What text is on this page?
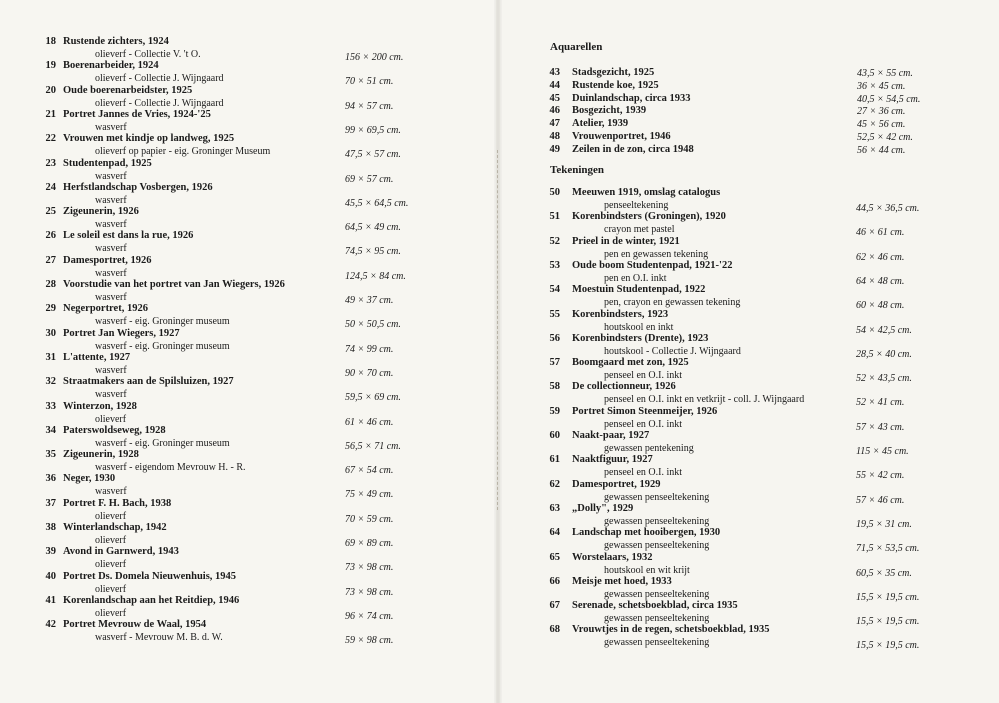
18 Rustende zichters, 1924
olieverf - Collectie V. 't O.	156 × 200 cm.
19 Boerenarbeider, 1924
olieverf - Collectie J. Wijngaard	70 × 51 cm.
20 Oude boerenarbeidster, 1925
olieverf - Collectie J. Wijngaard	94 × 57 cm.
21 Portret Jannes de Vries, 1924-'25
wasverf	99 × 69,5 cm.
22 Vrouwen met kindje op landweg, 1925
olieverf op papier - eig. Groninger Museum	47,5 × 57 cm.
23 Studentenpad, 1925
wasverf	69 × 57 cm.
24 Herfstlandschap Vosbergen, 1926
wasverf	45,5 × 64,5 cm.
25 Zigeunerin, 1926
wasverf	64,5 × 49 cm.
26 Le soleil est dans la rue, 1926
wasverf	74,5 × 95 cm.
27 Damesportret, 1926
wasverf	124,5 × 84 cm.
28 Voorstudie van het portret van Jan Wiegers, 1926
wasverf	49 × 37 cm.
29 Negerportret, 1926
wasverf - eig. Groninger museum	50 × 50,5 cm.
30 Portret Jan Wiegers, 1927
wasverf - eig. Groninger museum	74 × 99 cm.
31 L'attente, 1927
wasverf	90 × 70 cm.
32 Straatmakers aan de Spilsluizen, 1927
wasverf	59,5 × 69 cm.
33 Winterzon, 1928
olieverf	61 × 46 cm.
34 Paterswoldseweg, 1928
wasverf - eig. Groninger museum	56,5 × 71 cm.
35 Zigeunerin, 1928
wasverf - eigendom Mevrouw H. - R.	67 × 54 cm.
36 Neger, 1930
wasverf	75 × 49 cm.
37 Portret F. H. Bach, 1938
olieverf	70 × 59 cm.
38 Winterlandschap, 1942
olieverf	69 × 89 cm.
39 Avond in Garnwerd, 1943
olieverf	73 × 98 cm.
40 Portret Ds. Domela Nieuwenhuis, 1945
olieverf	73 × 98 cm.
41 Korenlandschap aan het Reitdiep, 1946
olieverf	96 × 74 cm.
42 Portret Mevrouw de Waal, 1954
wasverf - Mevrouw M. B. d. W.	59 × 98 cm.
Aquarellen
Tekeningen
43 Stadsgezicht, 1925	43,5 × 55 cm.
44 Rustende koe, 1925	36 × 45 cm.
45 Duinlandschap, circa 1933	40,5 × 54,5 cm.
46 Bosgezicht, 1939	27 × 36 cm.
47 Atelier, 1939	45 × 56 cm.
48 Vrouwenportret, 1946	52,5 × 42 cm.
49 Zeilen in de zon, circa 1948	56 × 44 cm.
50 Meeuwen 1919, omslag catalogus
penseeltekening	44,5 × 36,5 cm.
51 Korenbindsters (Groningen), 1920
crayon met pastel	46 × 61 cm.
52 Prieel in de winter, 1921
pen en gewassen tekening	62 × 46 cm.
53 Oude boom Studentenpad, 1921-'22
pen en O.I. inkt	64 × 48 cm.
54 Moestuin Studentenpad, 1922
pen, crayon en gewassen tekening	60 × 48 cm.
55 Korenbindsters, 1923
houtskool en inkt	54 × 42,5 cm.
56 Korenbindsters (Drente), 1923
houtskool - Collectie J. Wijngaard	28,5 × 40 cm.
57 Boomgaard met zon, 1925
penseel en O.I. inkt	52 × 43,5 cm.
58 De collectionneur, 1926
penseel en O.I. inkt en vetkrijt - coll. J. Wijngaard	52 × 41 cm.
59 Portret Simon Steenmeijer, 1926
penseel en O.I. inkt	57 × 43 cm.
60 Naakt-paar, 1927
gewassen pentekening	115 × 45 cm.
61 Naaktfiguur, 1927
penseel en O.I. inkt	55 × 42 cm.
62 Damesportret, 1929
gewassen penseeltekening	57 × 46 cm.
63 „Dolly", 1929
gewassen penseeltekening	19,5 × 31 cm.
64 Landschap met hooibergen, 1930
gewassen penseeltekening	71,5 × 53,5 cm.
65 Worstelaars, 1932
houtskool en wit krijt	60,5 × 35 cm.
66 Meisje met hoed, 1933
gewassen penseeltekening	15,5 × 19,5 cm.
67 Serenade, schetsboekblad, circa 1935
gewassen penseeltekening	15,5 × 19,5 cm.
68 Vrouwtjes in de regen, schetsboekblad, 1935
gewassen penseeltekening	15,5 × 19,5 cm.
